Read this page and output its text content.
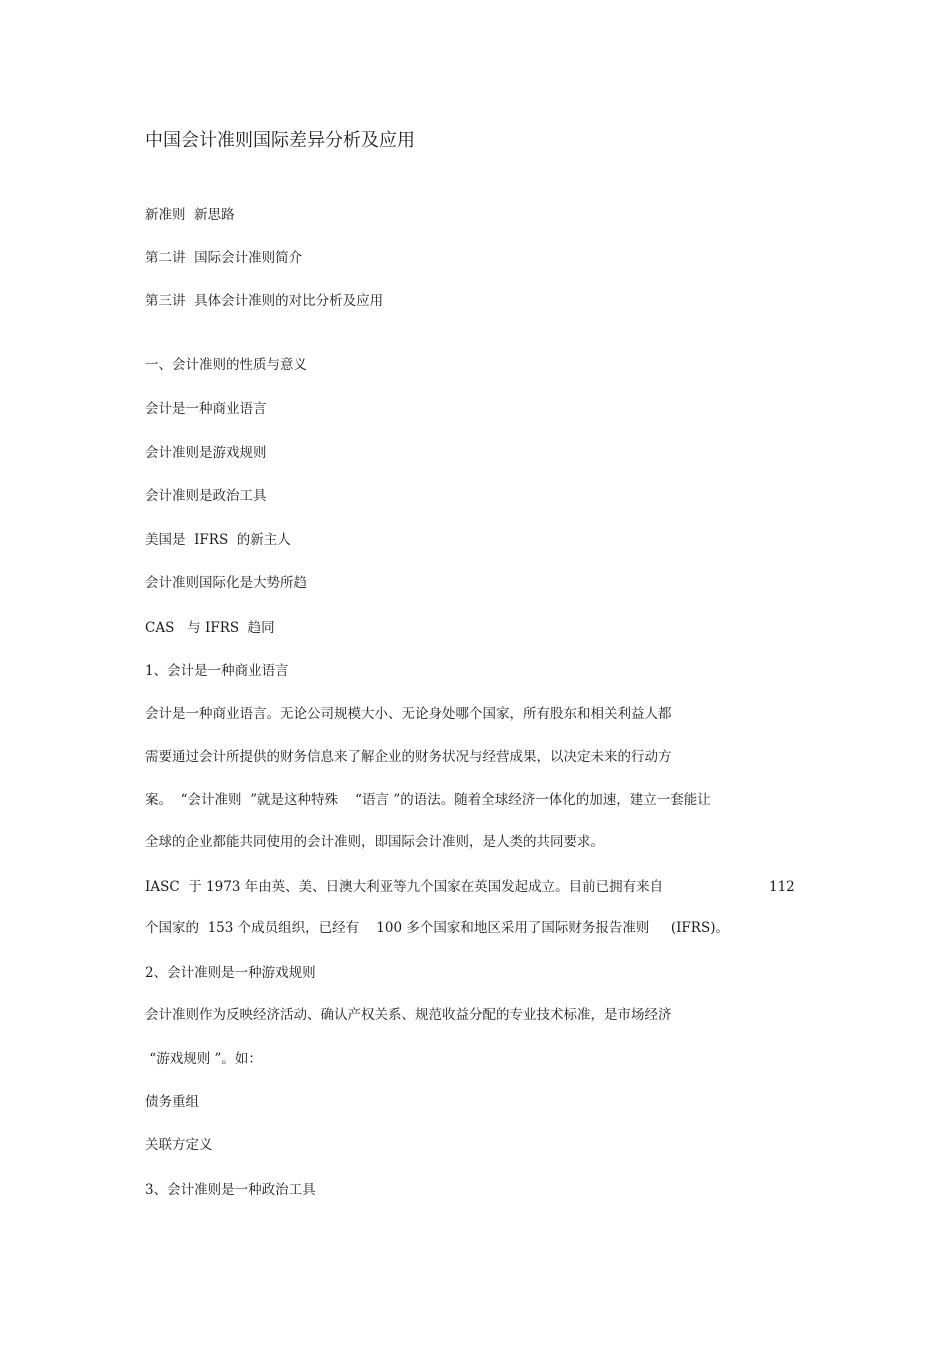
中国会计准则国际差异分析及应用
新准则  新思路
第二讲  国际会计准则简介
第三讲  具体会计准则的对比分析及应用
一、会计准则的性质与意义
会计是一种商业语言
会计准则是游戏规则
会计准则是政治工具
美国是  IFRS  的新主人
会计准则国际化是大势所趋
CAS   与 IFRS  趋同
1、会计是一种商业语言
会计是一种商业语言。无论公司规模大小、无论身处哪个国家，所有股东和相关利益人都
需要通过会计所提供的财务信息来了解企业的财务状况与经营成果，以决定未来的行动方
案。  “会计准则  ”就是这种特殊    “语言 ”的语法。随着全球经济一体化的加速，建立一套能让
全球的企业都能共同使用的会计准则，即国际会计准则，是人类的共同要求。

IASC  于 1973 年由英、美、日澳大利亚等九个国家在英国发起成立。目前已拥有来自

	112

个国家的  153 个成员组织，已经有    100 多个国家和地区采用了国际财务报告准则     (IFRS)。
2、会计准则是一种游戏规则
会计准则作为反映经济活动、确认产权关系、规范收益分配的专业技术标准，是市场经济
“游戏规则 ”。如：
债务重组
关联方定义
3、会计准则是一种政治工具
